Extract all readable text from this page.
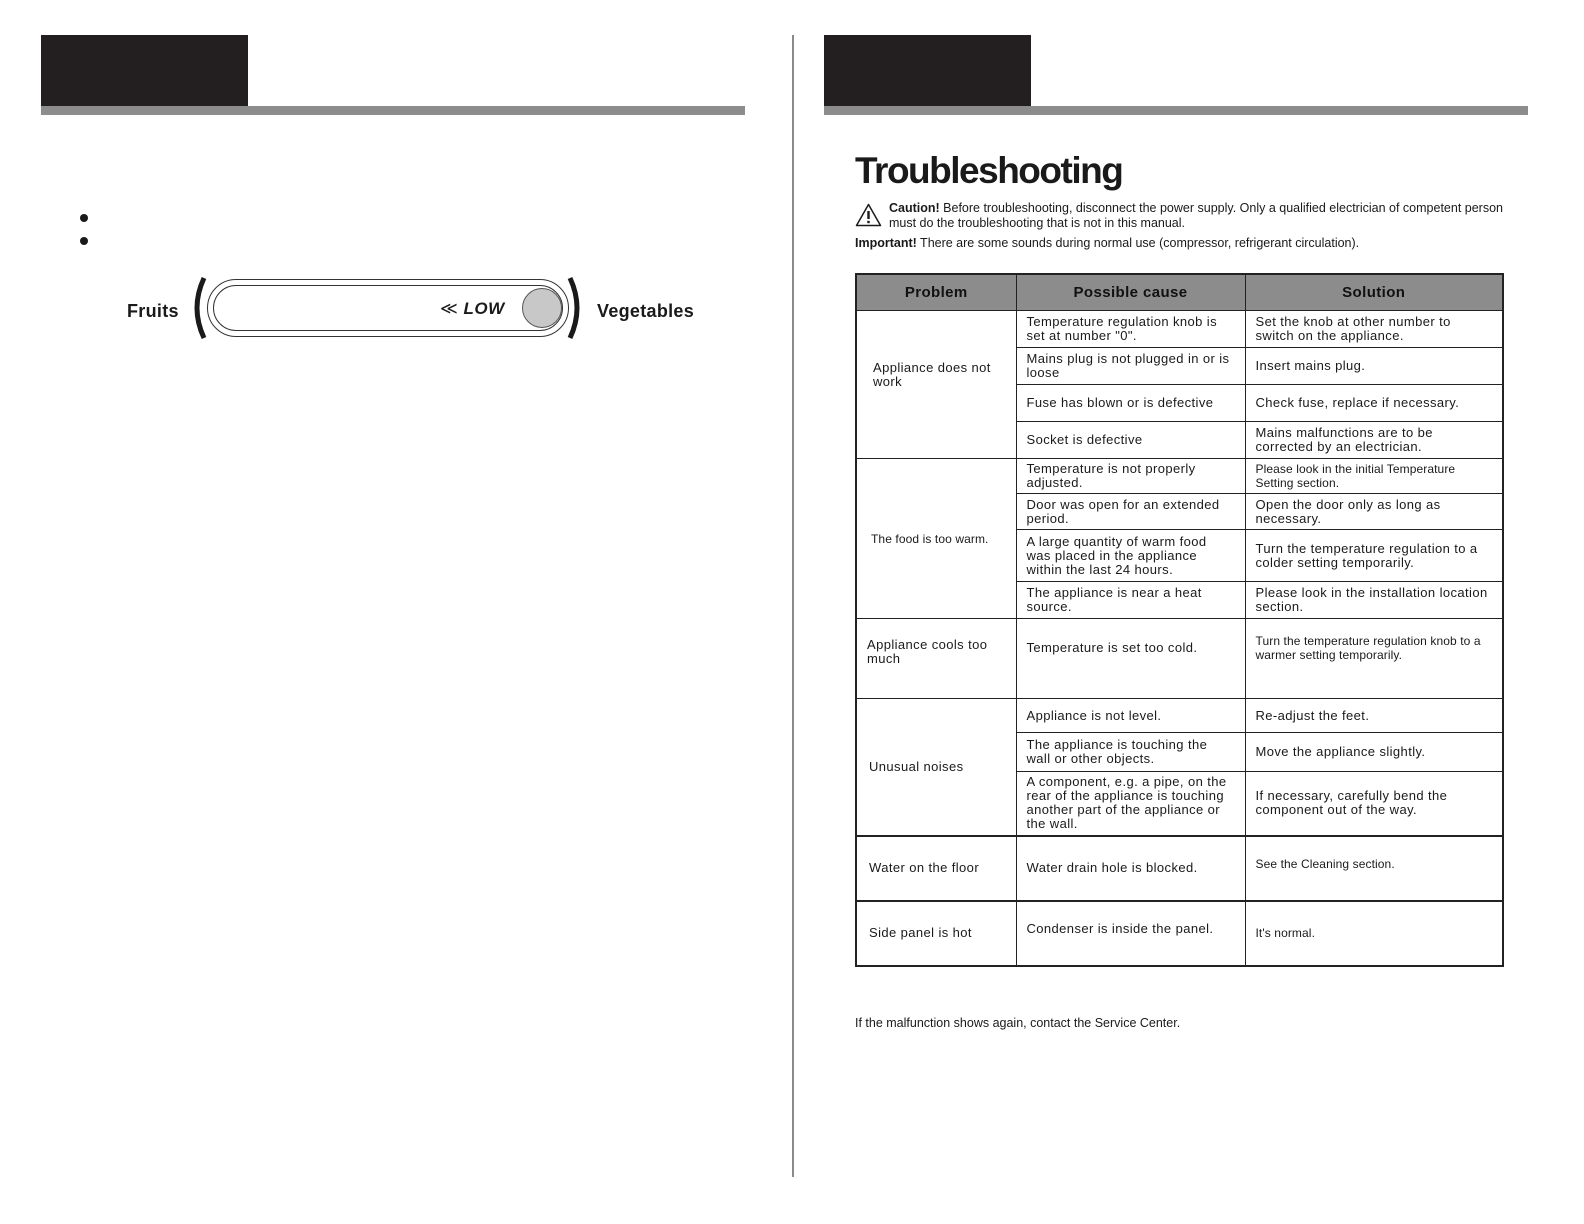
Fruits	≪ LOW	Vegetables
Troubleshooting
Caution! Before troubleshooting, disconnect the power supply. Only a qualified electrician of competent person must do the troubleshooting that is not in this manual.
Important! There are some sounds during normal use (compressor, refrigerant circulation).
Problem	Possible cause	Solution
Appliance does not work	Temperature regulation knob is set at number "0".	Set the knob at other number to switch on the appliance.
	Mains plug is not plugged in or is loose	Insert mains plug.
	Fuse has blown or is defective	Check fuse, replace if necessary.
	Socket is defective	Mains malfunctions are to be corrected by an electrician.
The food is too warm.	Temperature is not properly adjusted.	Please look in the initial Temperature Setting section.
	Door was open for an extended period.	Open the door only as long as necessary.
	A large quantity of warm food was placed in the appliance within the last 24 hours.	Turn the temperature regulation to a colder setting temporarily.
	The appliance is near a heat source.	Please look in the installation location section.
Appliance cools too much	Temperature is set too cold.	Turn the temperature regulation knob to a warmer setting temporarily.
Unusual noises	Appliance is not level.	Re-adjust the feet.
	The appliance is touching the wall or other objects.	Move the appliance slightly.
	A component, e.g. a pipe, on the rear of the appliance is touching another part of the appliance or the wall.	If necessary, carefully bend the component out of the way.
Water on the floor	Water drain hole is blocked.	See the Cleaning section.
Side panel is hot	Condenser is inside the panel.	It's normal.
If the malfunction shows again, contact the Service Center.
